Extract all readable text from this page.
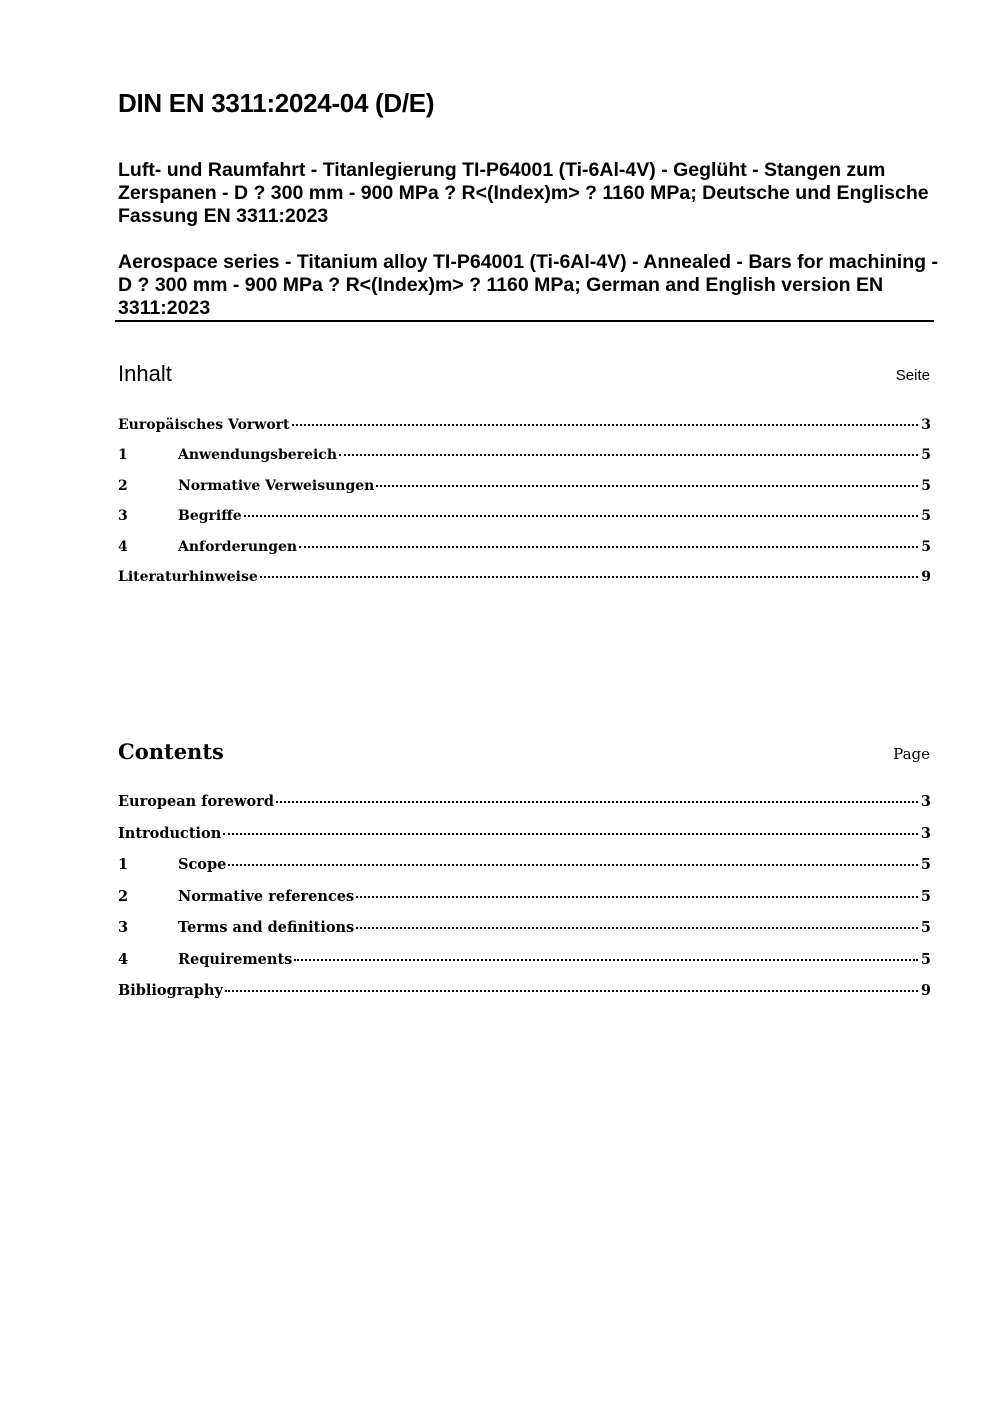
DIN EN 3311:2024-04 (D/E)

Luft- und Raumfahrt - Titanlegierung TI-P64001 (Ti-6Al-4V) - Geglüht - Stangen zum Zerspanen - D ? 300 mm - 900 MPa ? R<(Index)m> ? 1160 MPa; Deutsche und Englische Fassung EN 3311:2023

Aerospace series - Titanium alloy TI-P64001 (Ti-6Al-4V) - Annealed - Bars for machining - D ? 300 mm - 900 MPa ? R<(Index)m> ? 1160 MPa; German and English version EN 3311:2023

Inhalt	Seite
Europäisches Vorwort	3
1	Anwendungsbereich	5
2	Normative Verweisungen	5
3	Begriffe	5
4	Anforderungen	5
Literaturhinweise	9
Contents	Page
European foreword	3
Introduction	3
1	Scope	5
2	Normative references	5
3	Terms and definitions	5
4	Requirements	5
Bibliography	9
